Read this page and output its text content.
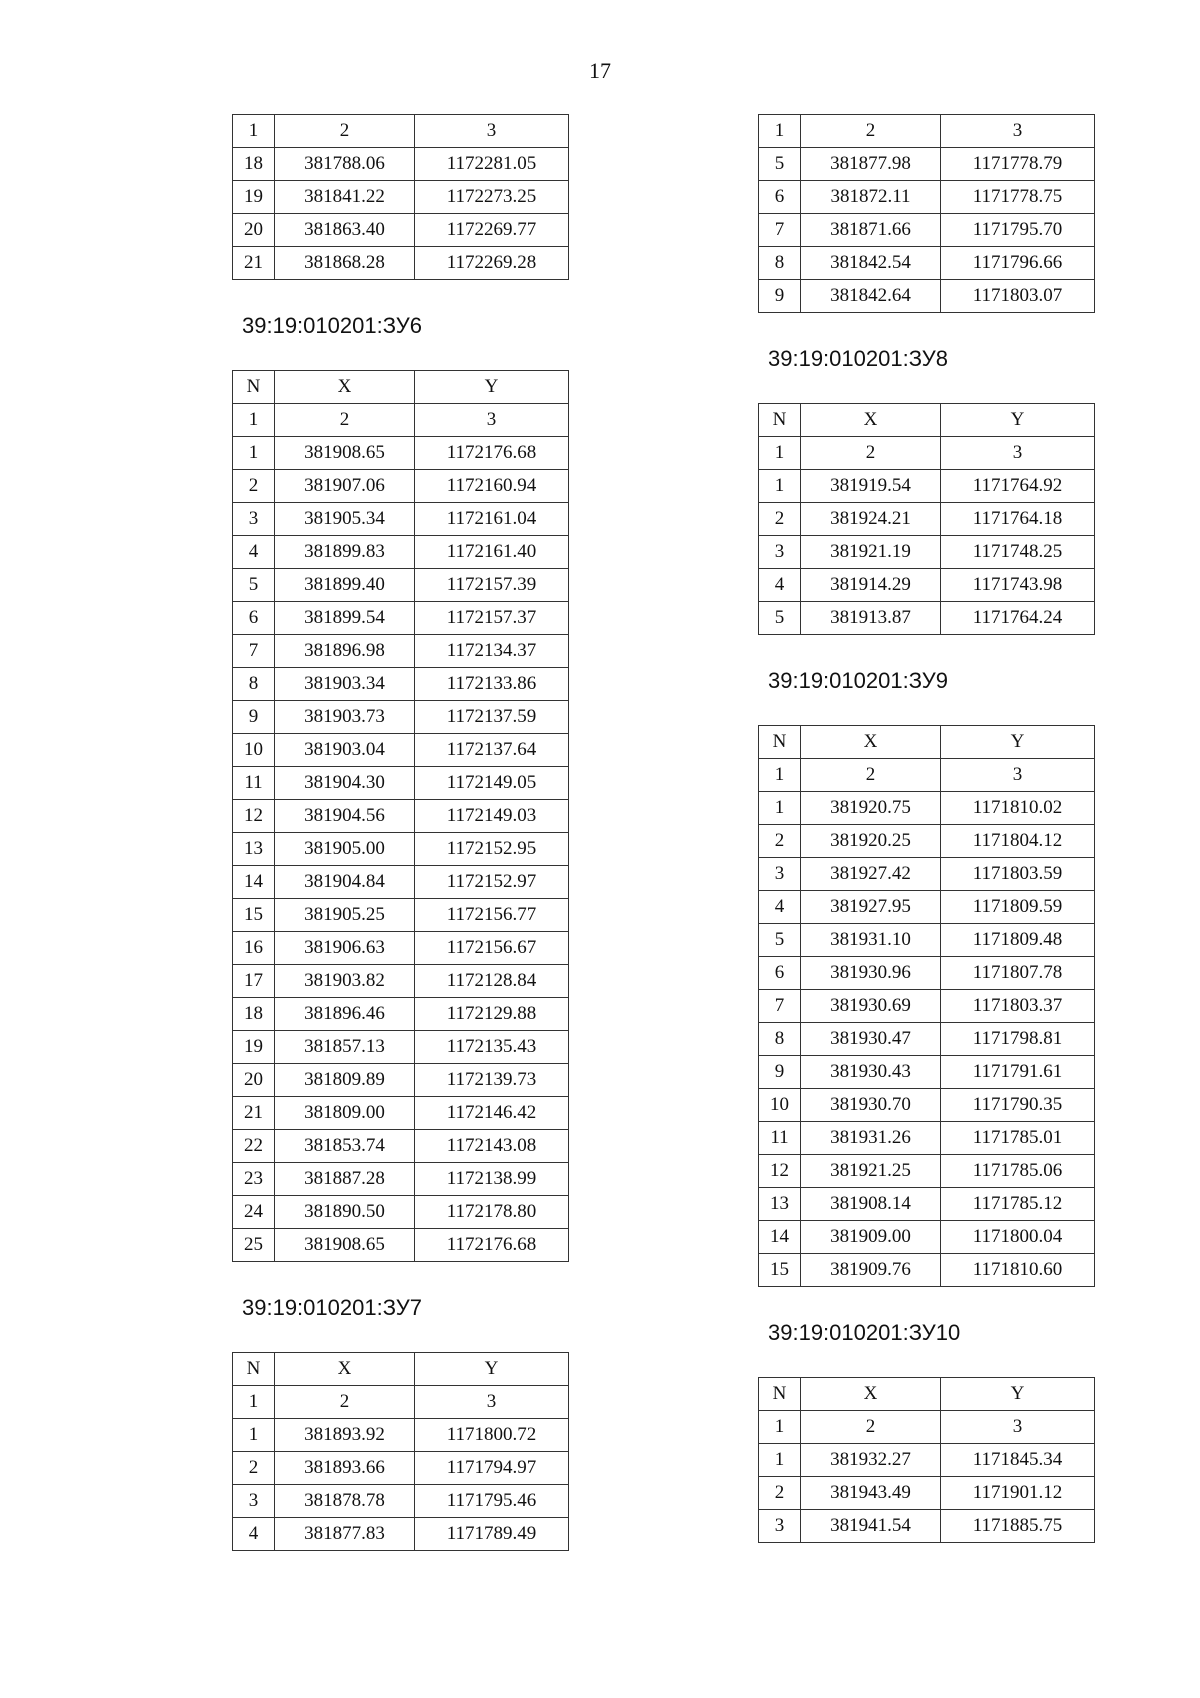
17
1	2	3
18	381788.06	1172281.05
19	381841.22	1172273.25
20	381863.40	1172269.77
21	381868.28	1172269.28
39:19:010201:ЗУ6
N	X	Y
1	2	3
1	381908.65	1172176.68
2	381907.06	1172160.94
3	381905.34	1172161.04
4	381899.83	1172161.40
5	381899.40	1172157.39
6	381899.54	1172157.37
7	381896.98	1172134.37
8	381903.34	1172133.86
9	381903.73	1172137.59
10	381903.04	1172137.64
11	381904.30	1172149.05
12	381904.56	1172149.03
13	381905.00	1172152.95
14	381904.84	1172152.97
15	381905.25	1172156.77
16	381906.63	1172156.67
17	381903.82	1172128.84
18	381896.46	1172129.88
19	381857.13	1172135.43
20	381809.89	1172139.73
21	381809.00	1172146.42
22	381853.74	1172143.08
23	381887.28	1172138.99
24	381890.50	1172178.80
25	381908.65	1172176.68
39:19:010201:ЗУ7
N	X	Y
1	2	3
1	381893.92	1171800.72
2	381893.66	1171794.97
3	381878.78	1171795.46
4	381877.83	1171789.49
1	2	3
5	381877.98	1171778.79
6	381872.11	1171778.75
7	381871.66	1171795.70
8	381842.54	1171796.66
9	381842.64	1171803.07
39:19:010201:ЗУ8
N	X	Y
1	2	3
1	381919.54	1171764.92
2	381924.21	1171764.18
3	381921.19	1171748.25
4	381914.29	1171743.98
5	381913.87	1171764.24
39:19:010201:ЗУ9
N	X	Y
1	2	3
1	381920.75	1171810.02
2	381920.25	1171804.12
3	381927.42	1171803.59
4	381927.95	1171809.59
5	381931.10	1171809.48
6	381930.96	1171807.78
7	381930.69	1171803.37
8	381930.47	1171798.81
9	381930.43	1171791.61
10	381930.70	1171790.35
11	381931.26	1171785.01
12	381921.25	1171785.06
13	381908.14	1171785.12
14	381909.00	1171800.04
15	381909.76	1171810.60
39:19:010201:ЗУ10
N	X	Y
1	2	3
1	381932.27	1171845.34
2	381943.49	1171901.12
3	381941.54	1171885.75
